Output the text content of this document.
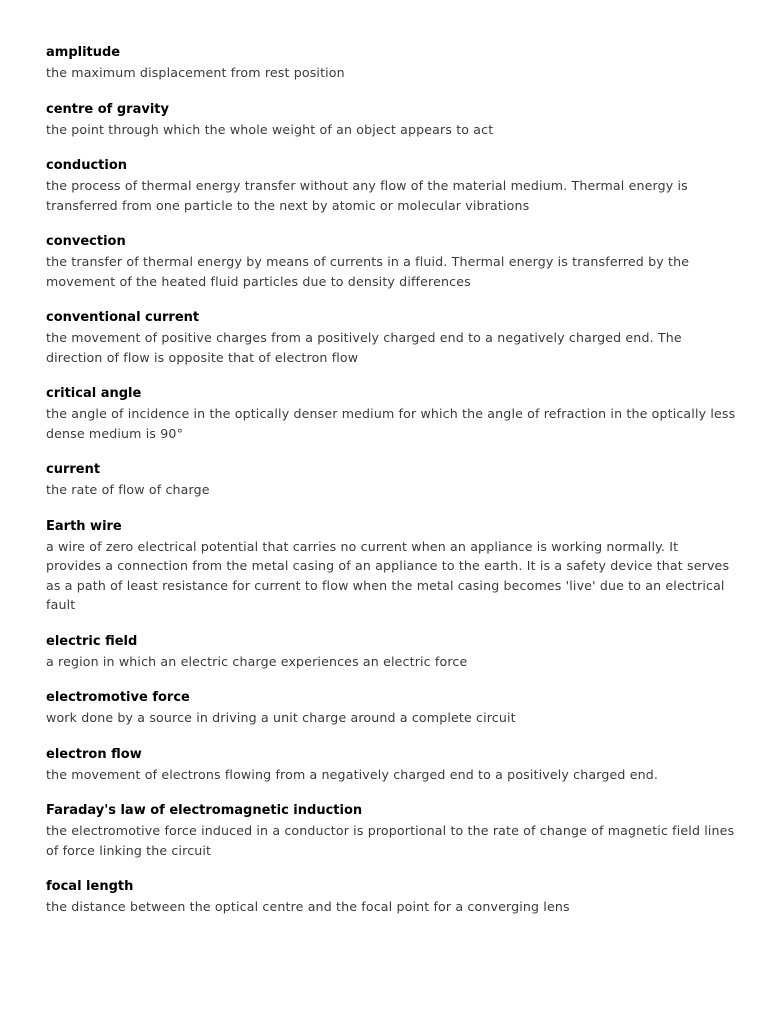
amplitude

the maximum displacement from rest position

centre of gravity

the point through which the whole weight of an object appears to act

conduction

the process of thermal energy transfer without any flow of the material medium. Thermal energy is transferred from one particle to the next by atomic or molecular vibrations

convection

the transfer of thermal energy by means of currents in a fluid. Thermal energy is transferred by the movement of the heated fluid particles due to density differences

conventional current

the movement of positive charges from a positively charged end to a negatively charged end. The direction of flow is opposite that of electron flow

critical angle

the angle of incidence in the optically denser medium for which the angle of refraction in the optically less dense medium is 90°

current

the rate of flow of charge

Earth wire

a wire of zero electrical potential that carries no current when an appliance is working normally. It provides a connection from the metal casing of an appliance to the earth. It is a safety device that serves as a path of least resistance for current to flow when the metal casing becomes 'live' due to an electrical fault

electric field

a region in which an electric charge experiences an electric force

electromotive force

work done by a source in driving a unit charge around a complete circuit

electron flow

the movement of electrons flowing from a negatively charged end to a positively charged end.

Faraday's law of electromagnetic induction

the electromotive force induced in a conductor is proportional to the rate of change of magnetic field lines of force linking the circuit

focal length

the distance between the optical centre and the focal point for a converging lens
